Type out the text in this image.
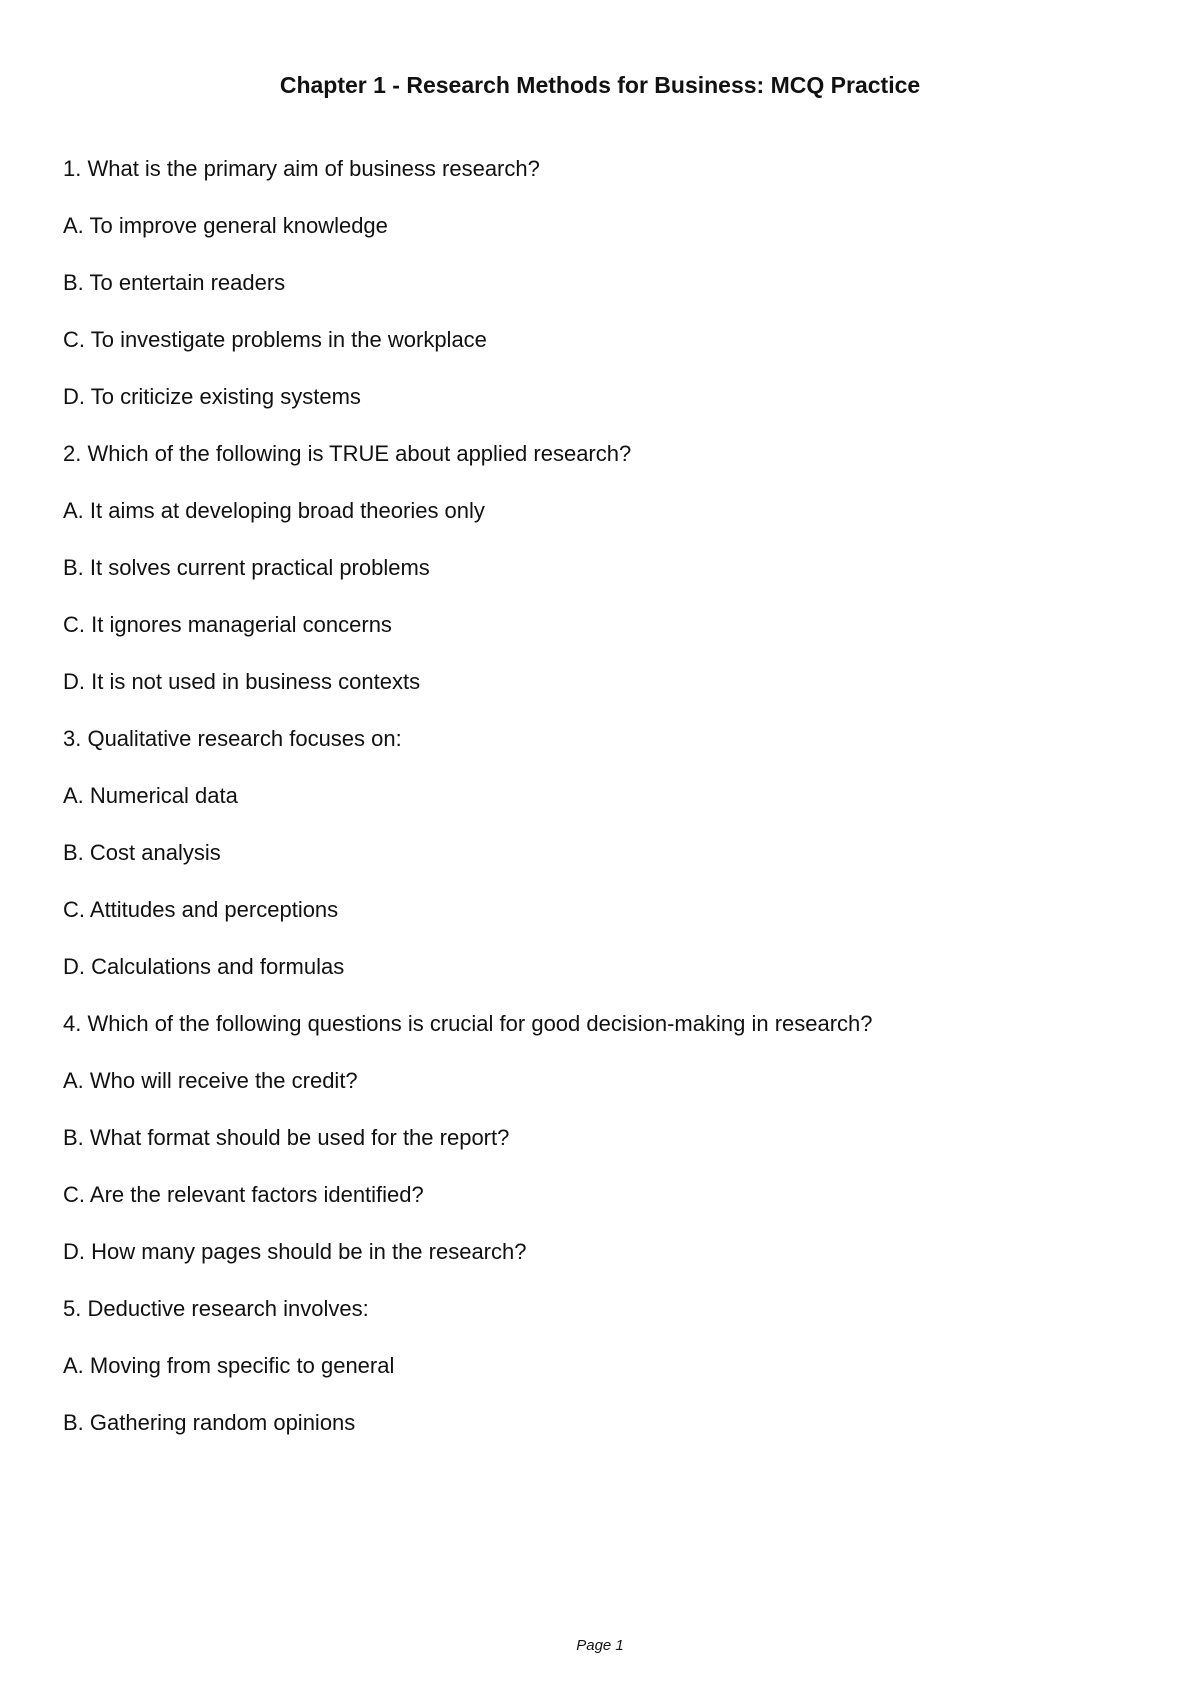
Chapter 1 - Research Methods for Business: MCQ Practice
1. What is the primary aim of business research?
A. To improve general knowledge
B. To entertain readers
C. To investigate problems in the workplace
D. To criticize existing systems
2. Which of the following is TRUE about applied research?
A. It aims at developing broad theories only
B. It solves current practical problems
C. It ignores managerial concerns
D. It is not used in business contexts
3. Qualitative research focuses on:
A. Numerical data
B. Cost analysis
C. Attitudes and perceptions
D. Calculations and formulas
4. Which of the following questions is crucial for good decision-making in research?
A. Who will receive the credit?
B. What format should be used for the report?
C. Are the relevant factors identified?
D. How many pages should be in the research?
5. Deductive research involves:
A. Moving from specific to general
B. Gathering random opinions
Page 1
